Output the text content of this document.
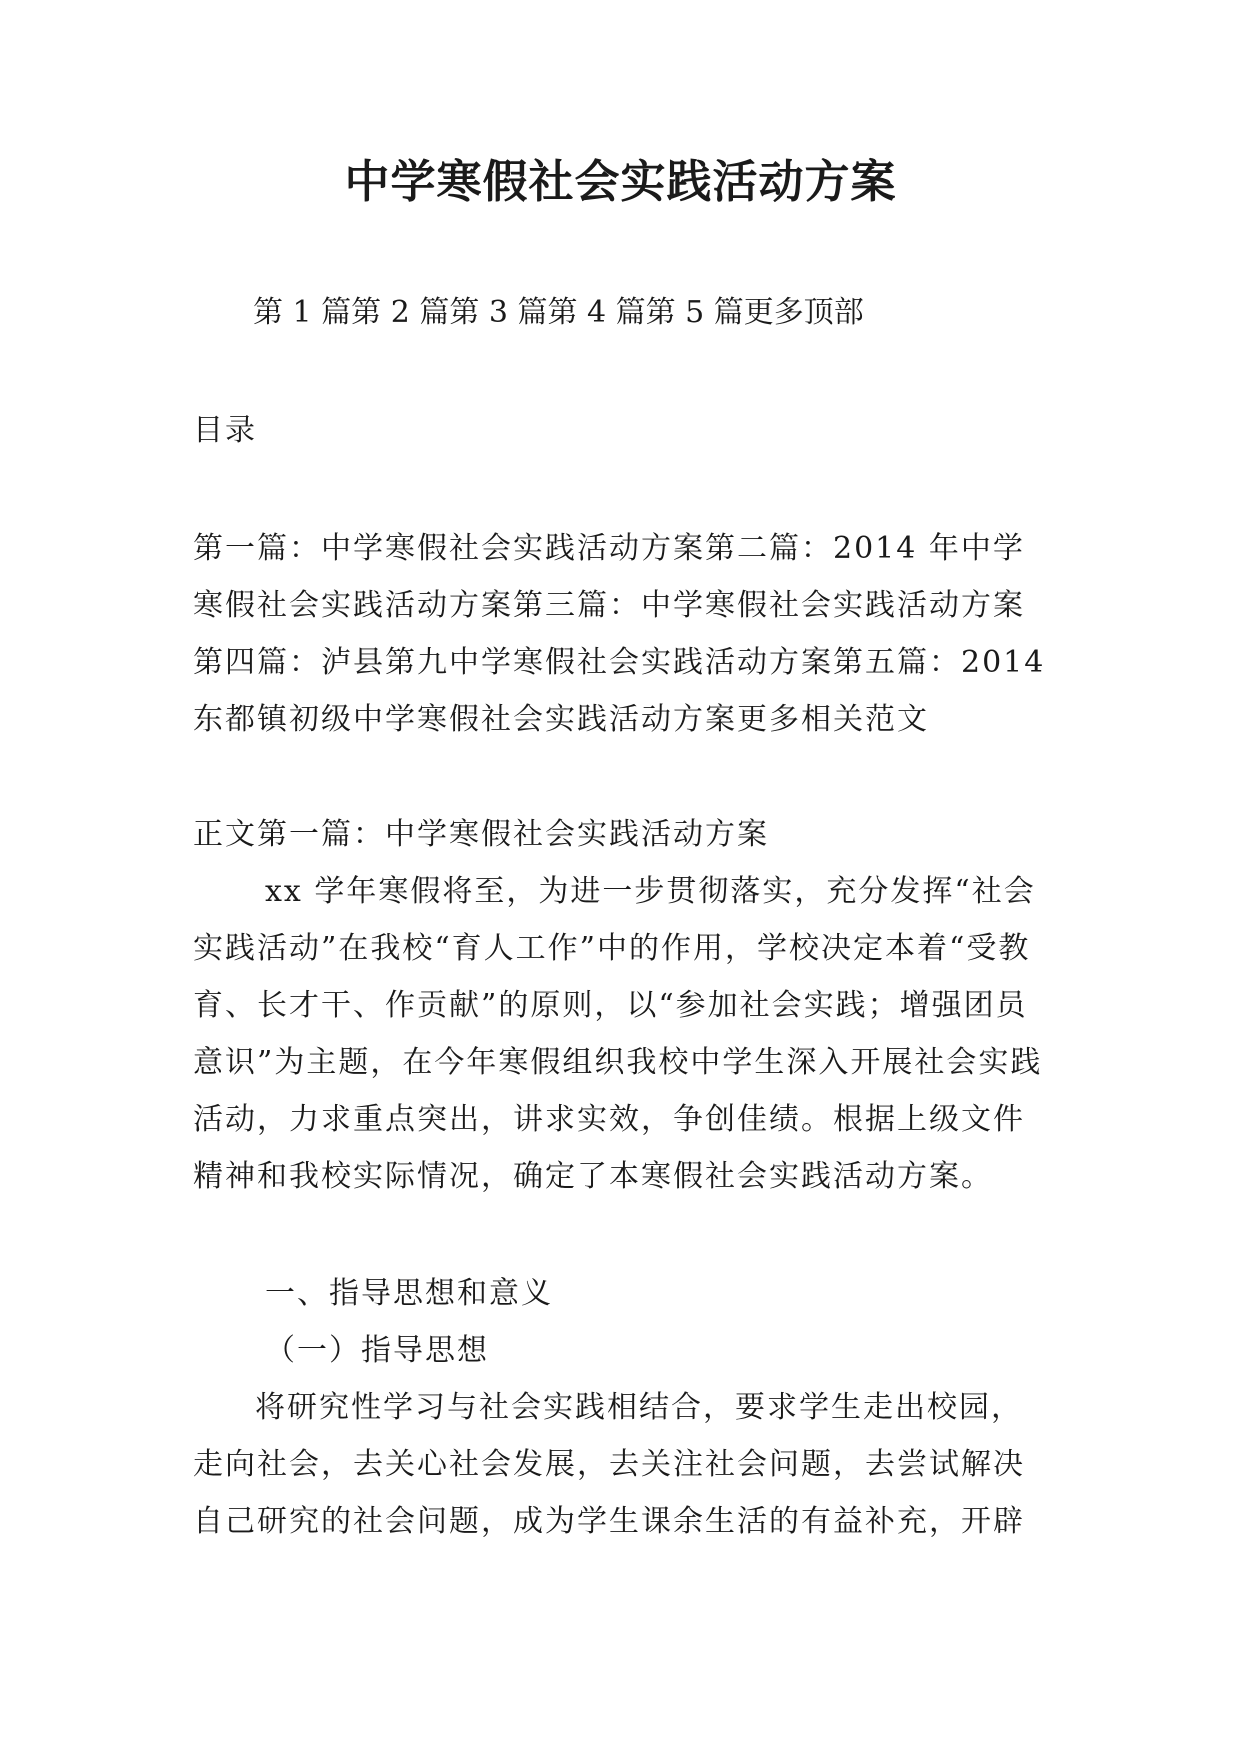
中学寒假社会实践活动方案
第 1 篇第 2 篇第 3 篇第 4 篇第 5 篇更多顶部

目录

第一篇：中学寒假社会实践活动方案第二篇：2014 年中学寒假社会实践活动方案第三篇：中学寒假社会实践活动方案第四篇：泸县第九中学寒假社会实践活动方案第五篇：2014 东都镇初级中学寒假社会实践活动方案更多相关范文

正文第一篇：中学寒假社会实践活动方案

xx 学年寒假将至，为进一步贯彻落实，充分发挥“社会实践活动”在我校“育人工作”中的作用，学校决定本着“受教育、长才干、作贡献”的原则，以“参加社会实践；增强团员意识”为主题，在今年寒假组织我校中学生深入开展社会实践活动，力求重点突出，讲求实效，争创佳绩。根据上级文件精神和我校实际情况，确定了本寒假社会实践活动方案。

一、指导思想和意义

（一）指导思想

将研究性学习与社会实践相结合，要求学生走出校园，走向社会，去关心社会发展，去关注社会问题，去尝试解决自己研究的社会问题，成为学生课余生活的有益补充，开辟
